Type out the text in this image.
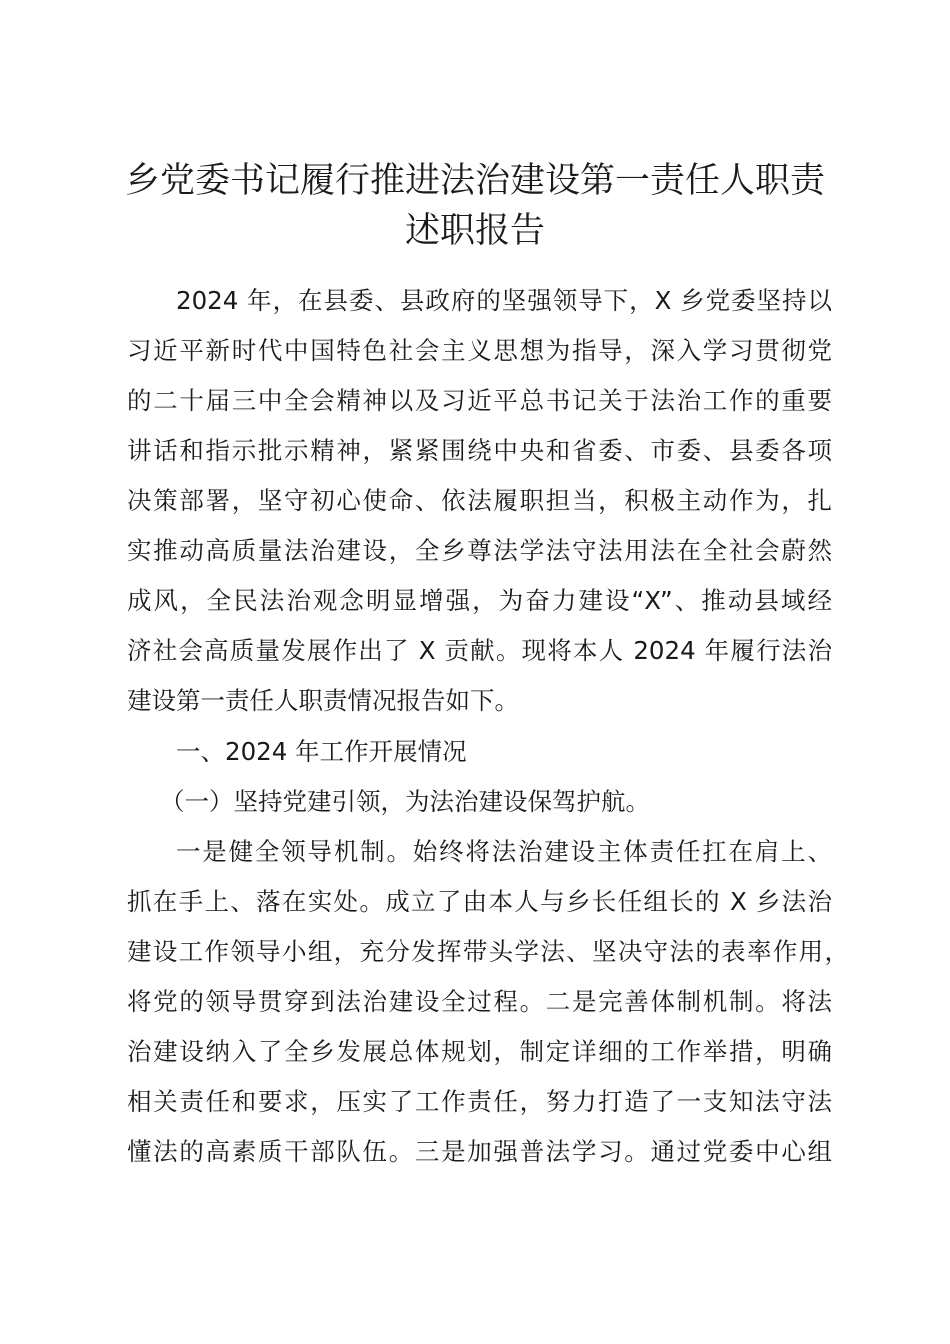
乡党委书记履行推进法治建设第一责任人职责
述职报告

2024 年，在县委、县政府的坚强领导下，X 乡党委坚持以

习近平新时代中国特色社会主义思想为指导，深入学习贯彻党

的二十届三中全会精神以及习近平总书记关于法治工作的重要

讲话和指示批示精神，紧紧围绕中央和省委、市委、县委各项

决策部署，坚守初心使命、依法履职担当，积极主动作为，扎

实推动高质量法治建设，全乡尊法学法守法用法在全社会蔚然

成风，全民法治观念明显增强，为奋力建设“X”、推动县域经

济社会高质量发展作出了 X 贡献。现将本人 2024 年履行法治

建设第一责任人职责情况报告如下。

一、2024 年工作开展情况

（一）坚持党建引领，为法治建设保驾护航。

一是健全领导机制。始终将法治建设主体责任扛在肩上、

抓在手上、落在实处。成立了由本人与乡长任组长的 X 乡法治

建设工作领导小组，充分发挥带头学法、坚决守法的表率作用，

将党的领导贯穿到法治建设全过程。二是完善体制机制。将法

治建设纳入了全乡发展总体规划，制定详细的工作举措，明确

相关责任和要求，压实了工作责任，努力打造了一支知法守法

懂法的高素质干部队伍。三是加强普法学习。通过党委中心组
